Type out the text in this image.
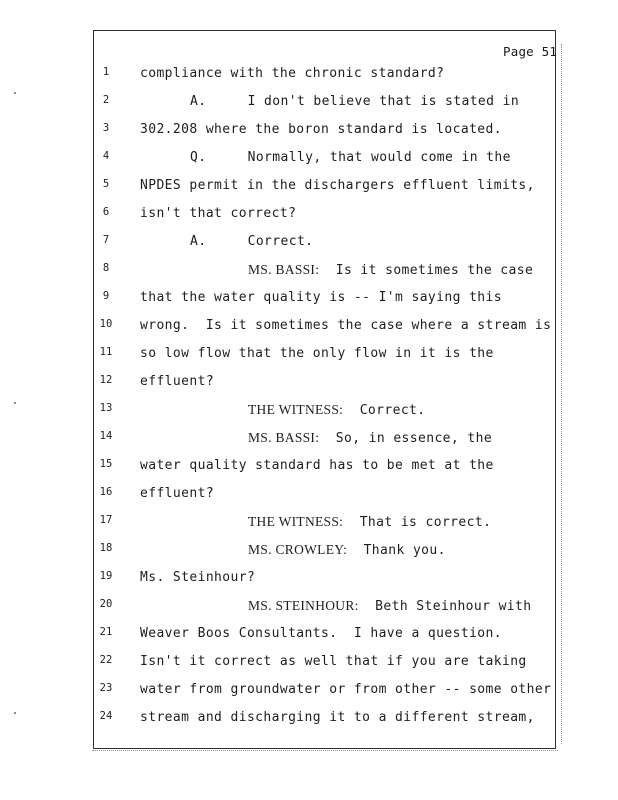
Page 51
1
2
3
4
5
6
7
8
9
10
11
12
13
14
15
16
17
18
19
20
21
22
23
24
compliance with the chronic standard?
A.     I don't believe that is stated in
302.208 where the boron standard is located.
Q.     Normally, that would come in the
NPDES permit in the dischargers effluent limits,
isn't that correct?
A.     Correct.
MS. BASSI:  Is it sometimes the case
that the water quality is -- I'm saying this
wrong.  Is it sometimes the case where a stream is
so low flow that the only flow in it is the
effluent?
THE WITNESS:  Correct.
MS. BASSI:  So, in essence, the
water quality standard has to be met at the
effluent?
THE WITNESS:  That is correct.
MS. CROWLEY:  Thank you.
Ms. Steinhour?
MS. STEINHOUR:  Beth Steinhour with
Weaver Boos Consultants.  I have a question.
Isn't it correct as well that if you are taking
water from groundwater or from other -- some other
stream and discharging it to a different stream,
